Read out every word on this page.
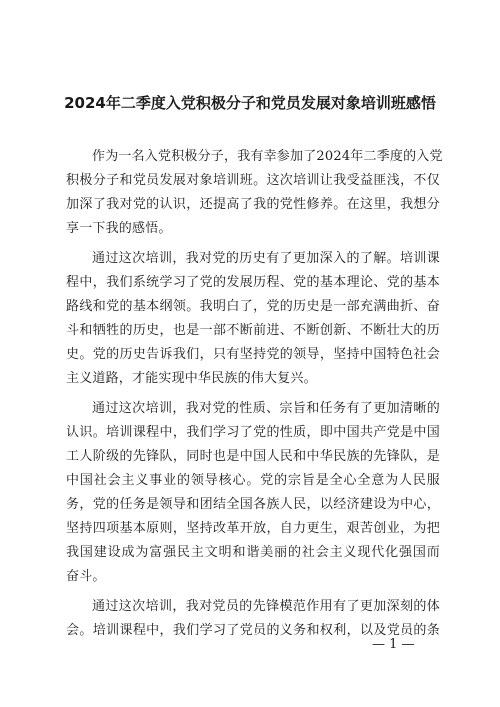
2024年二季度入党积极分子和党员发展对象培训班感悟
作为一名入党积极分子，我有幸参加了2024年二季度的入党
积极分子和党员发展对象培训班。这次培训让我受益匪浅，不仅
加深了我对党的认识，还提高了我的党性修养。在这里，我想分
享一下我的感悟。
通过这次培训，我对党的历史有了更加深入的了解。培训课
程中，我们系统学习了党的发展历程、党的基本理论、党的基本
路线和党的基本纲领。我明白了，党的历史是一部充满曲折、奋
斗和牺牲的历史，也是一部不断前进、不断创新、不断壮大的历
史。党的历史告诉我们，只有坚持党的领导，坚持中国特色社会
主义道路，才能实现中华民族的伟大复兴。
通过这次培训，我对党的性质、宗旨和任务有了更加清晰的
认识。培训课程中，我们学习了党的性质，即中国共产党是中国
工人阶级的先锋队，同时也是中国人民和中华民族的先锋队，是
中国社会主义事业的领导核心。党的宗旨是全心全意为人民服
务，党的任务是领导和团结全国各族人民，以经济建设为中心，
坚持四项基本原则，坚持改革开放，自力更生，艰苦创业，为把
我国建设成为富强民主文明和谐美丽的社会主义现代化强国而
奋斗。
通过这次培训，我对党员的先锋模范作用有了更加深刻的体
会。培训课程中，我们学习了党员的义务和权利，以及党员的条
— 1 —
